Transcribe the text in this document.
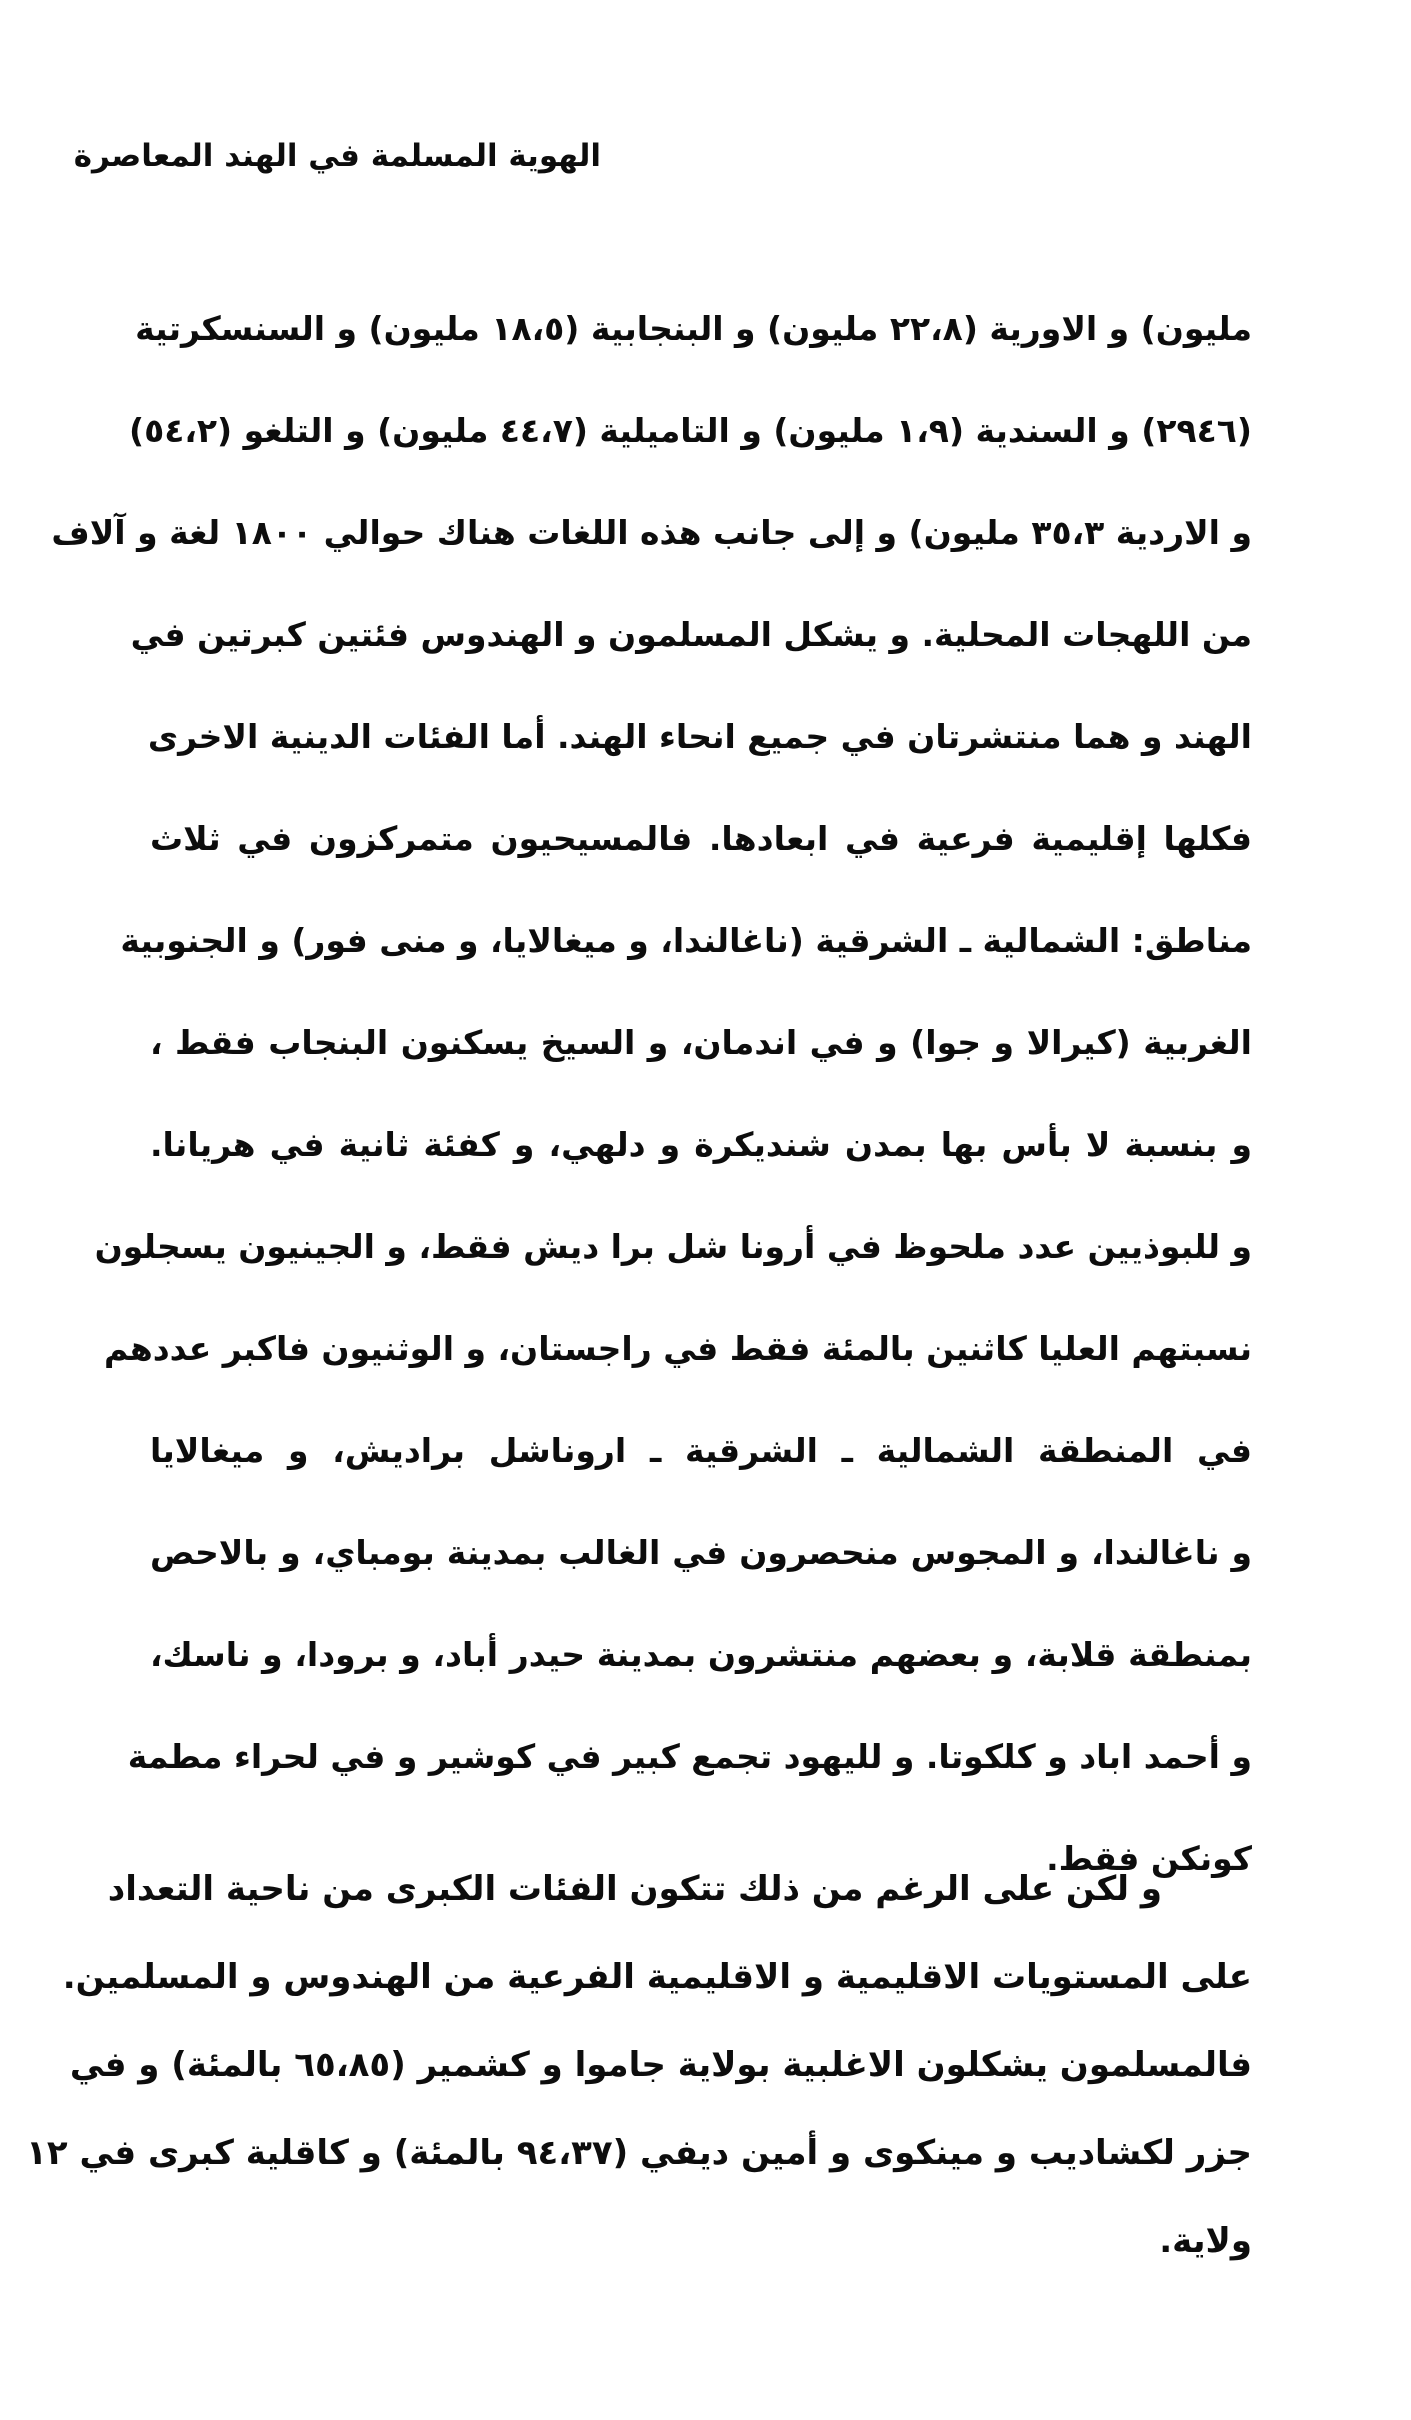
الهوية المسلمة في الهند المعاصرة
مليون) و الاورية (٢٢،٨ مليون) و البنجابية (١٨،٥ مليون) و السنسكرتية
(٢٩٤٦) و السندية (١،٩ مليون) و التاميلية (٤٤،٧ مليون) و التلغو (٥٤،٢)
و الاردية ٣٥،٣ مليون) و إلى جانب هذه اللغات هناك حوالي ١٨٠٠ لغة و آلاف
من اللهجات المحلية. و يشكل المسلمون و الهندوس فئتين كبرتين في
الهند و هما منتشرتان في جميع انحاء الهند. أما الفئات الدينية الاخرى
فكلها إقليمية فرعية في ابعادها. فالمسيحيون متمركزون في ثلاث
مناطق: الشمالية ـ الشرقية (ناغالندا، و ميغالايا، و منى فور) و الجنوبية
الغربية (كيرالا و جوا) و في اندمان، و السيخ يسكنون البنجاب فقط ،
و بنسبة لا بأس بها بمدن شنديكرة و دلهي، و كفئة ثانية في هريانا.
و للبوذيين عدد ملحوظ في أرونا شل برا ديش فقط، و الجينيون يسجلون
نسبتهم العليا كاثنين بالمئة فقط في راجستان، و الوثنيون فاكبر عددهم
في المنطقة الشمالية ـ الشرقية ـ اروناشل براديش، و ميغالايا
و ناغالندا، و المجوس منحصرون في الغالب بمدينة بومباي، و بالاحص
بمنطقة قلابة، و بعضهم منتشرون بمدينة حيدر أباد، و برودا، و ناسك،
و أحمد اباد و كلكوتا. و لليهود تجمع كبير في كوشير و في لحراء مطمة
كونكن فقط.
و لكن على الرغم من ذلك تتكون الفئات الكبرى من ناحية التعداد
على المستويات الاقليمية و الاقليمية الفرعية من الهندوس و المسلمين.
فالمسلمون يشكلون الاغلبية بولاية جاموا و كشمير (٦٥،٨٥ بالمئة) و في
جزر لكشاديب و مينكوى و أمين ديفي (٩٤،٣٧ بالمئة) و كاقلية كبرى في ١٢
ولاية.
